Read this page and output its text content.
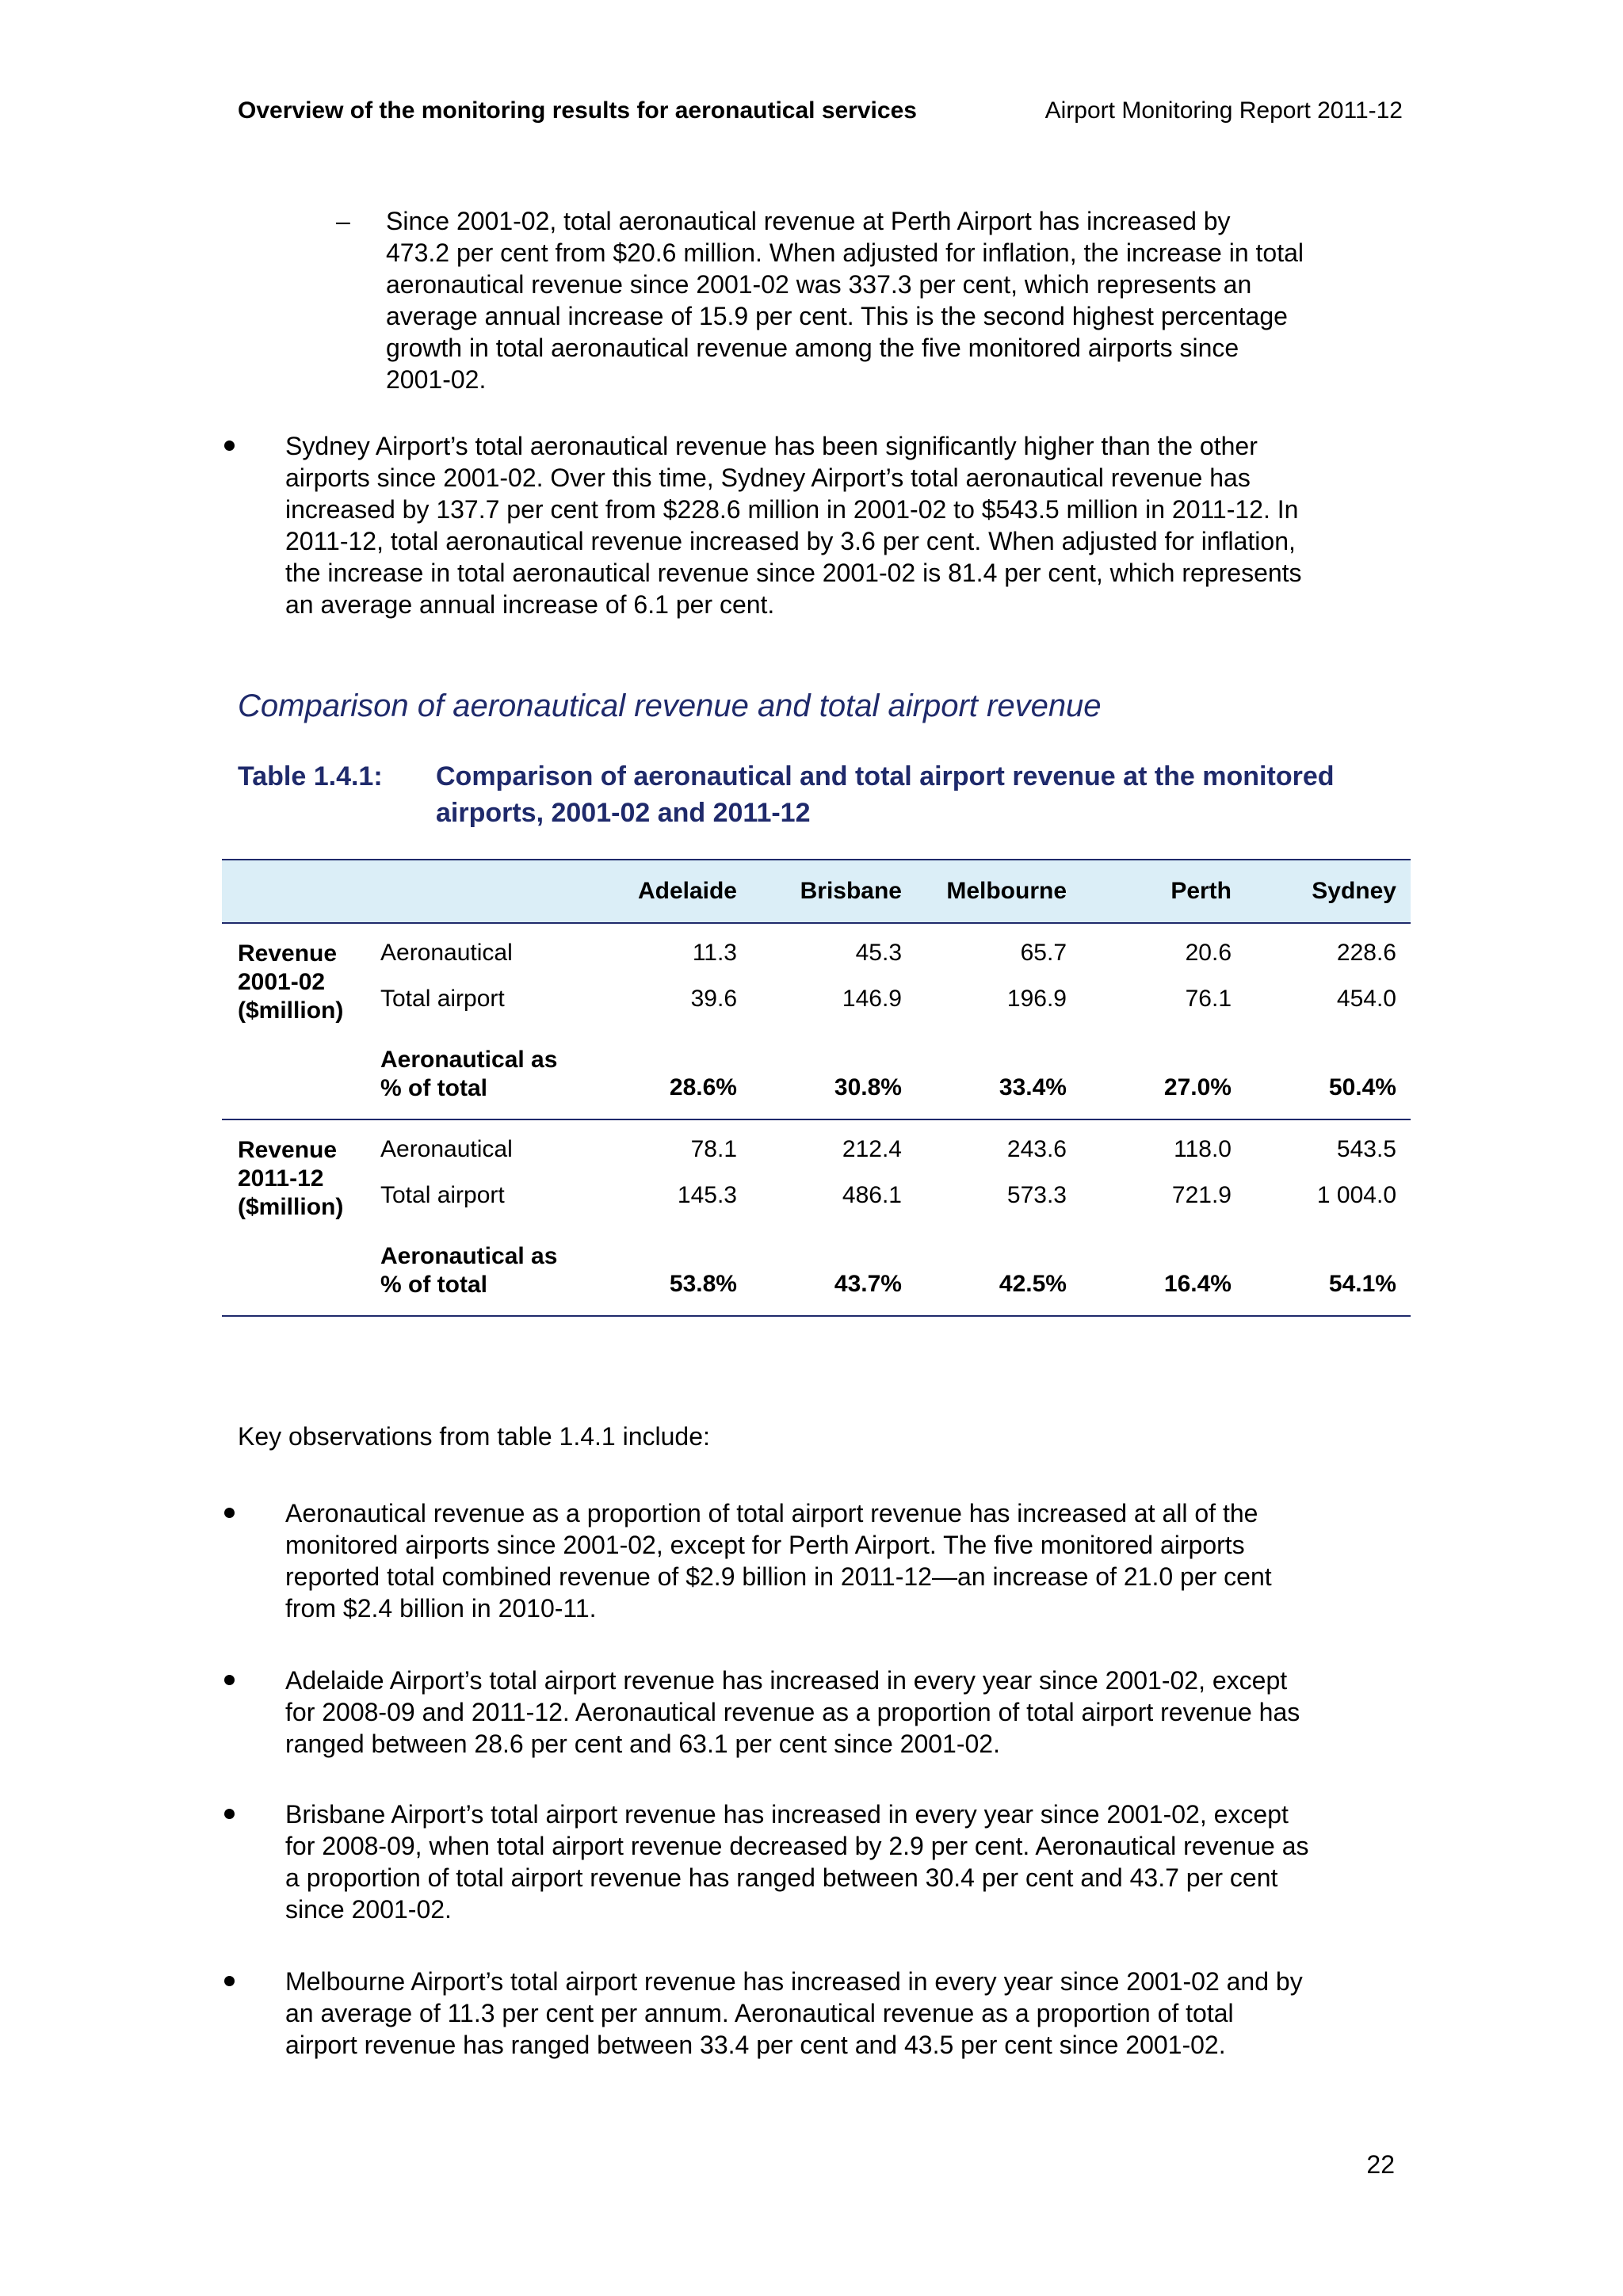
Overview of the monitoring results for aeronautical services	Airport Monitoring Report 2011-12
– Since 2001-02, total aeronautical revenue at Perth Airport has increased by
473.2 per cent from $20.6 million. When adjusted for inflation, the increase in total
aeronautical revenue since 2001-02 was 337.3 per cent, which represents an
average annual increase of 15.9 per cent. This is the second highest percentage
growth in total aeronautical revenue among the five monitored airports since
2001-02.
Sydney Airport’s total aeronautical revenue has been significantly higher than the other
airports since 2001-02. Over this time, Sydney Airport’s total aeronautical revenue has
increased by 137.7 per cent from $228.6 million in 2001-02 to $543.5 million in 2011-12. In
2011-12, total aeronautical revenue increased by 3.6 per cent. When adjusted for inflation,
the increase in total aeronautical revenue since 2001-02 is 81.4 per cent, which represents
an average annual increase of 6.1 per cent.
Comparison of aeronautical revenue and total airport revenue
Table 1.4.1: Comparison of aeronautical and total airport revenue at the monitored
airports, 2001-02 and 2011-12
		Adelaide	Brisbane	Melbourne	Perth	Sydney

Revenue
2001-02
($million)	Aeronautical	11.3	45.3	65.7	20.6	228.6
	Total airport	39.6	146.9	196.9	76.1	454.0

	Aeronautical as
% of total	28.6%	30.8%	33.4%	27.0%	50.4%

Revenue
2011-12
($million)	Aeronautical	78.1	212.4	243.6	118.0	543.5
	Total airport	145.3	486.1	573.3	721.9	1 004.0

	Aeronautical as
% of total	53.8%	43.7%	42.5%	16.4%	54.1%
Key observations from table 1.4.1 include:
Aeronautical revenue as a proportion of total airport revenue has increased at all of the
monitored airports since 2001-02, except for Perth Airport. The five monitored airports
reported total combined revenue of $2.9 billion in 2011-12—an increase of 21.0 per cent
from $2.4 billion in 2010-11.
Adelaide Airport’s total airport revenue has increased in every year since 2001-02, except
for 2008-09 and 2011-12. Aeronautical revenue as a proportion of total airport revenue has
ranged between 28.6 per cent and 63.1 per cent since 2001-02.
Brisbane Airport’s total airport revenue has increased in every year since 2001-02, except
for 2008-09, when total airport revenue decreased by 2.9 per cent. Aeronautical revenue as
a proportion of total airport revenue has ranged between 30.4 per cent and 43.7 per cent
since 2001-02.
Melbourne Airport’s total airport revenue has increased in every year since 2001-02 and by
an average of 11.3 per cent per annum. Aeronautical revenue as a proportion of total
airport revenue has ranged between 33.4 per cent and 43.5 per cent since 2001-02.
22
